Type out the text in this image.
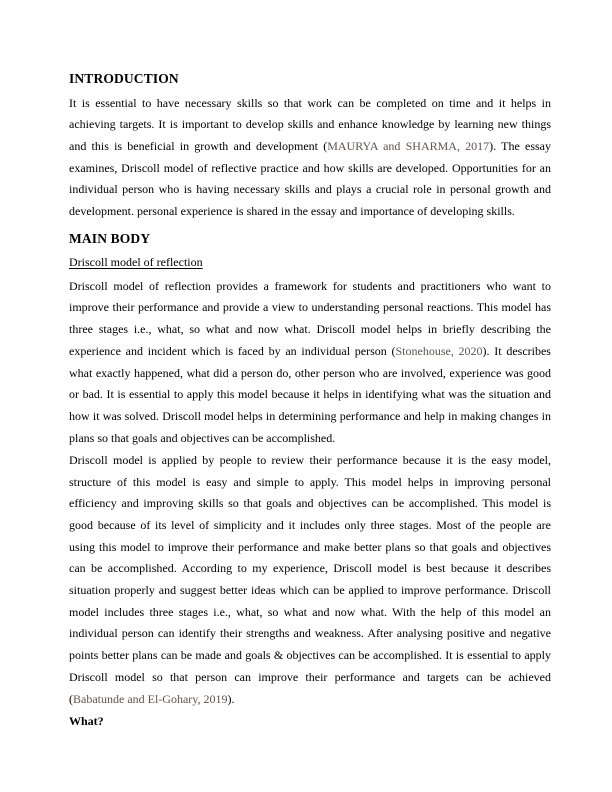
INTRODUCTION

It is essential to have necessary skills so that work can be completed on time and it helps in achieving targets. It is important to develop skills and enhance knowledge by learning new things and this is beneficial in growth and development (MAURYA and SHARMA, 2017). The essay examines, Driscoll model of reflective practice and how skills are developed. Opportunities for an individual person who is having necessary skills and plays a crucial role in personal growth and development. personal experience is shared in the essay and importance of developing skills.

MAIN BODY
Driscoll model of reflection

Driscoll model of reflection provides a framework for students and practitioners who want to improve their performance and provide a view to understanding personal reactions. This model has three stages i.e., what, so what and now what. Driscoll model helps in briefly describing the experience and incident which is faced by an individual person (Stonehouse, 2020). It describes what exactly happened, what did a person do, other person who are involved, experience was good or bad. It is essential to apply this model because it helps in identifying what was the situation and how it was solved. Driscoll model helps in determining performance and help in making changes in plans so that goals and objectives can be accomplished.

Driscoll model is applied by people to review their performance because it is the easy model, structure of this model is easy and simple to apply. This model helps in improving personal efficiency and improving skills so that goals and objectives can be accomplished. This model is good because of its level of simplicity and it includes only three stages. Most of the people are using this model to improve their performance and make better plans so that goals and objectives can be accomplished. According to my experience, Driscoll model is best because it describes situation properly and suggest better ideas which can be applied to improve performance. Driscoll model includes three stages i.e., what, so what and now what. With the help of this model an individual person can identify their strengths and weakness. After analysing positive and negative points better plans can be made and goals & objectives can be accomplished. It is essential to apply Driscoll model so that person can improve their performance and targets can be achieved (Babatunde and El-Gohary, 2019).

What?
